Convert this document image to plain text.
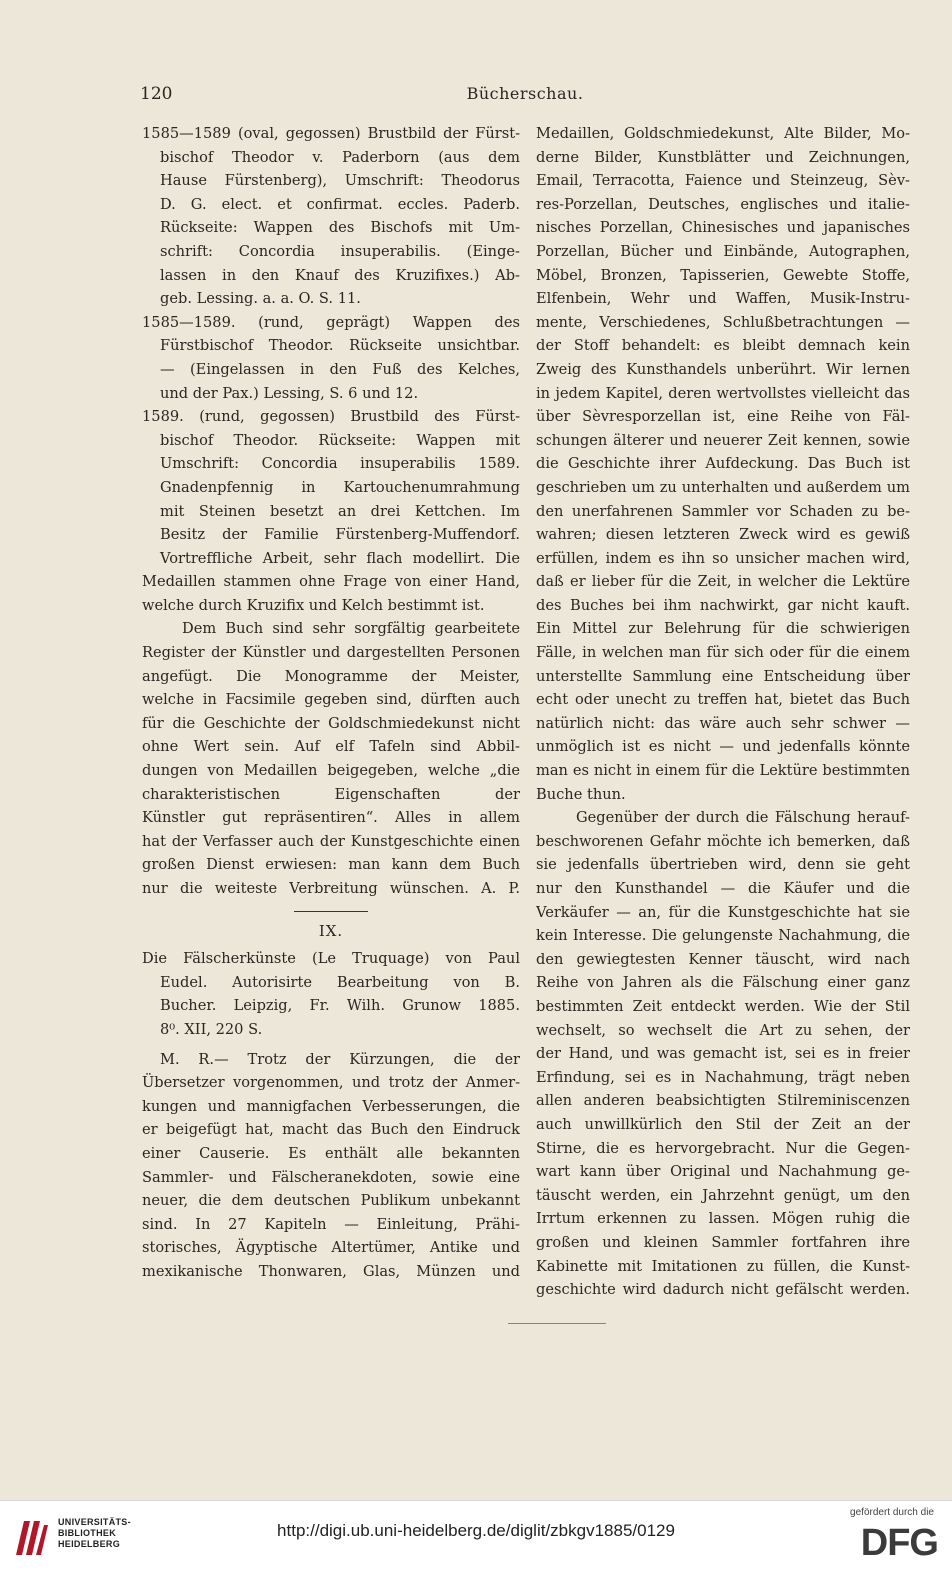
120	Bücherschau.
1585—1589 (oval, gegossen) Brustbild der Fürst-
bischof Theodor v. Paderborn (aus dem
Hause Fürstenberg), Umschrift: Theodorus
D. G. elect. et confirmat. eccles. Paderb.
Rückseite: Wappen des Bischofs mit Um-
schrift: Concordia insuperabilis. (Einge-
lassen in den Knauf des Kruzifixes.) Ab-
geb. Lessing. a. a. O. S. 11.
1585—1589. (rund, geprägt) Wappen des
Fürstbischof Theodor. Rückseite unsichtbar.
— (Eingelassen in den Fuß des Kelches,
und der Pax.) Lessing, S. 6 und 12.
1589. (rund, gegossen) Brustbild des Fürst-
bischof Theodor. Rückseite: Wappen mit
Umschrift: Concordia insuperabilis 1589.
Gnadenpfennig in Kartouchenumrahmung
mit Steinen besetzt an drei Kettchen. Im
Besitz der Familie Fürstenberg-Muffendorf.
Vortreffliche Arbeit, sehr flach modellirt. Die
Medaillen stammen ohne Frage von einer Hand,
welche durch Kruzifix und Kelch bestimmt ist.
Dem Buch sind sehr sorgfältig gearbeitete
Register der Künstler und dargestellten Personen
angefügt. Die Monogramme der Meister,
welche in Facsimile gegeben sind, dürften auch
für die Geschichte der Goldschmiedekunst nicht
ohne Wert sein. Auf elf Tafeln sind Abbil-
dungen von Medaillen beigegeben, welche „die
charakteristischen Eigenschaften der
Künstler gut repräsentiren“. Alles in allem
hat der Verfasser auch der Kunstgeschichte einen
großen Dienst erwiesen: man kann dem Buch
nur die weiteste Verbreitung wünschen. A. P.
IX.
Die Fälscherkünste (Le Truquage) von Paul
Eudel. Autorisirte Bearbeitung von B.
Bucher. Leipzig, Fr. Wilh. Grunow 1885.
8⁰. XII, 220 S.
M. R.— Trotz der Kürzungen, die der
Übersetzer vorgenommen, und trotz der Anmer-
kungen und mannigfachen Verbesserungen, die
er beigefügt hat, macht das Buch den Eindruck
einer Causerie. Es enthält alle bekannten
Sammler- und Fälscheranekdoten, sowie eine
neuer, die dem deutschen Publikum unbekannt
sind. In 27 Kapiteln — Einleitung, Prähi-
storisches, Ägyptische Altertümer, Antike und
mexikanische Thonwaren, Glas, Münzen und
Medaillen, Goldschmiedekunst, Alte Bilder, Mo-
derne Bilder, Kunstblätter und Zeichnungen,
Email, Terracotta, Faience und Steinzeug, Sèv-
res-Porzellan, Deutsches, englisches und italie-
nisches Porzellan, Chinesisches und japanisches
Porzellan, Bücher und Einbände, Autographen,
Möbel, Bronzen, Tapisserien, Gewebte Stoffe,
Elfenbein, Wehr und Waffen, Musik-Instru-
mente, Verschiedenes, Schlußbetrachtungen —
der Stoff behandelt: es bleibt demnach kein
Zweig des Kunsthandels unberührt. Wir lernen
in jedem Kapitel, deren wertvollstes vielleicht das
über Sèvresporzellan ist, eine Reihe von Fäl-
schungen älterer und neuerer Zeit kennen, sowie
die Geschichte ihrer Aufdeckung. Das Buch ist
geschrieben um zu unterhalten und außerdem um
den unerfahrenen Sammler vor Schaden zu be-
wahren; diesen letzteren Zweck wird es gewiß
erfüllen, indem es ihn so unsicher machen wird,
daß er lieber für die Zeit, in welcher die Lektüre
des Buches bei ihm nachwirkt, gar nicht kauft.
Ein Mittel zur Belehrung für die schwierigen
Fälle, in welchen man für sich oder für die einem
unterstellte Sammlung eine Entscheidung über
echt oder unecht zu treffen hat, bietet das Buch
natürlich nicht: das wäre auch sehr schwer —
unmöglich ist es nicht — und jedenfalls könnte
man es nicht in einem für die Lektüre bestimmten
Buche thun.
Gegenüber der durch die Fälschung herauf-
beschworenen Gefahr möchte ich bemerken, daß
sie jedenfalls übertrieben wird, denn sie geht
nur den Kunsthandel — die Käufer und die
Verkäufer — an, für die Kunstgeschichte hat sie
kein Interesse. Die gelungenste Nachahmung, die
den gewiegtesten Kenner täuscht, wird nach
Reihe von Jahren als die Fälschung einer ganz
bestimmten Zeit entdeckt werden. Wie der Stil
wechselt, so wechselt die Art zu sehen, der
der Hand, und was gemacht ist, sei es in freier
Erfindung, sei es in Nachahmung, trägt neben
allen anderen beabsichtigten Stilreminiscenzen
auch unwillkürlich den Stil der Zeit an der
Stirne, die es hervorgebracht. Nur die Gegen-
wart kann über Original und Nachahmung ge-
täuscht werden, ein Jahrzehnt genügt, um den
Irrtum erkennen zu lassen. Mögen ruhig die
großen und kleinen Sammler fortfahren ihre
Kabinette mit Imitationen zu füllen, die Kunst-
geschichte wird dadurch nicht gefälscht werden.
UNIVERSITÄTS-
BIBLIOTHEK
HEIDELBERG
http://digi.ub.uni-heidelberg.de/diglit/zbkgv1885/0129
gefördert durch die
DFG
